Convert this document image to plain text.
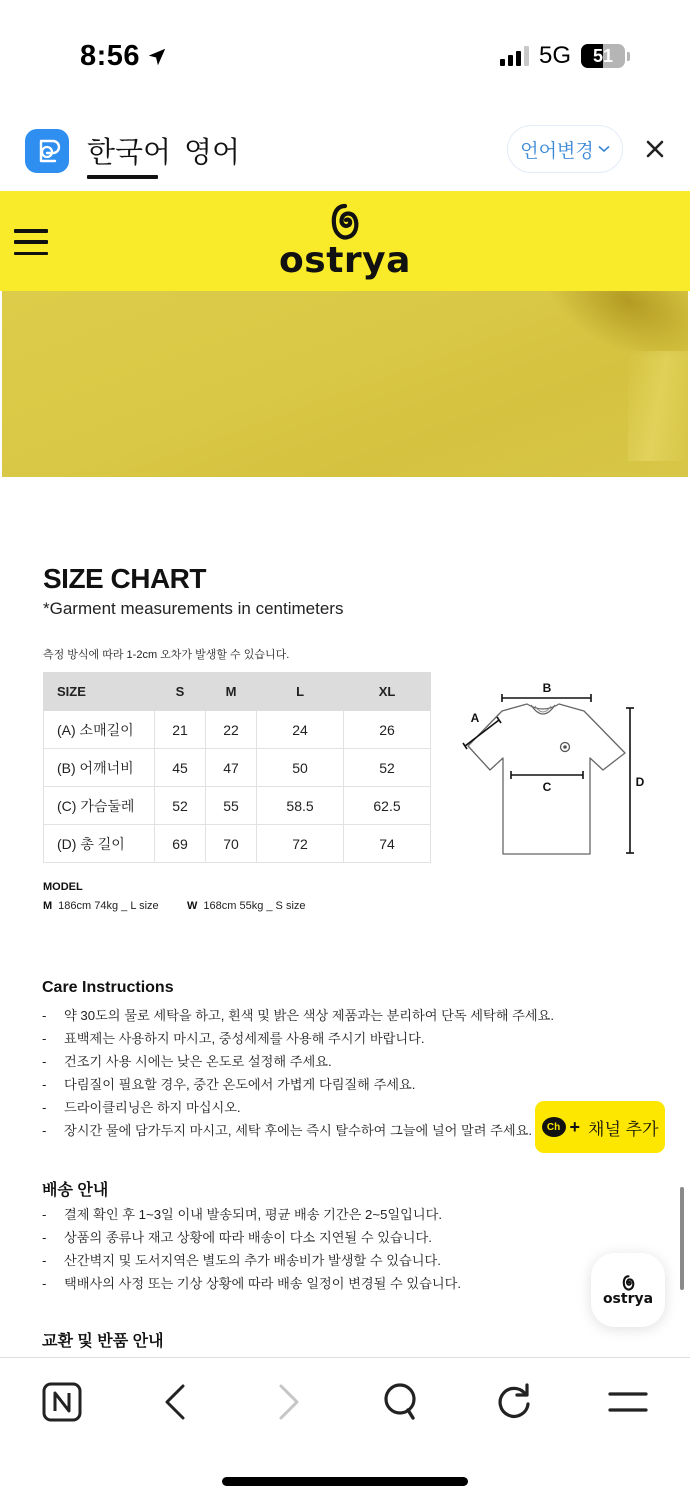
8:56	5G 51
한국어 영어	언어변경
ostrya
SIZE CHART
*Garment measurements in centimeters
측정 방식에 따라 1-2cm 오차가 발생할 수 있습니다.
SIZE	S	M	L	XL
(A) 소매길이	21	22	24	26
(B) 어깨너비	45	47	50	52
(C) 가슴둘레	52	55	58.5	62.5
(D) 총 길이	69	70	72	74
B
A
C	D
MODEL
M 186cm 74kg _ L size	W 168cm 55kg _ S size
Care Instructions
-	약 30도의 물로 세탁을 하고, 흰색 및 밝은 색상 제품과는 분리하여 단독 세탁해 주세요.
-	표백제는 사용하지 마시고, 중성세제를 사용해 주시기 바랍니다.
-	건조기 사용 시에는 낮은 온도로 설정해 주세요.
-	다림질이 필요할 경우, 중간 온도에서 가볍게 다림질해 주세요.
-	드라이클리닝은 하지 마십시오.
-	장시간 물에 담가두지 마시고, 세탁 후에는 즉시 탈수하여 그늘에 널어 말려 주세요.
배송 안내
-	결제 확인 후 1~3일 이내 발송되며, 평균 배송 기간은 2~5일입니다.
-	상품의 종류나 재고 상황에 따라 배송이 다소 지연될 수 있습니다.
-	산간벽지 및 도서지역은 별도의 추가 배송비가 발생할 수 있습니다.
-	택배사의 사정 또는 기상 상황에 따라 배송 일정이 변경될 수 있습니다.
교환 및 반품 안내
Ch + 채널 추가
ostrya
